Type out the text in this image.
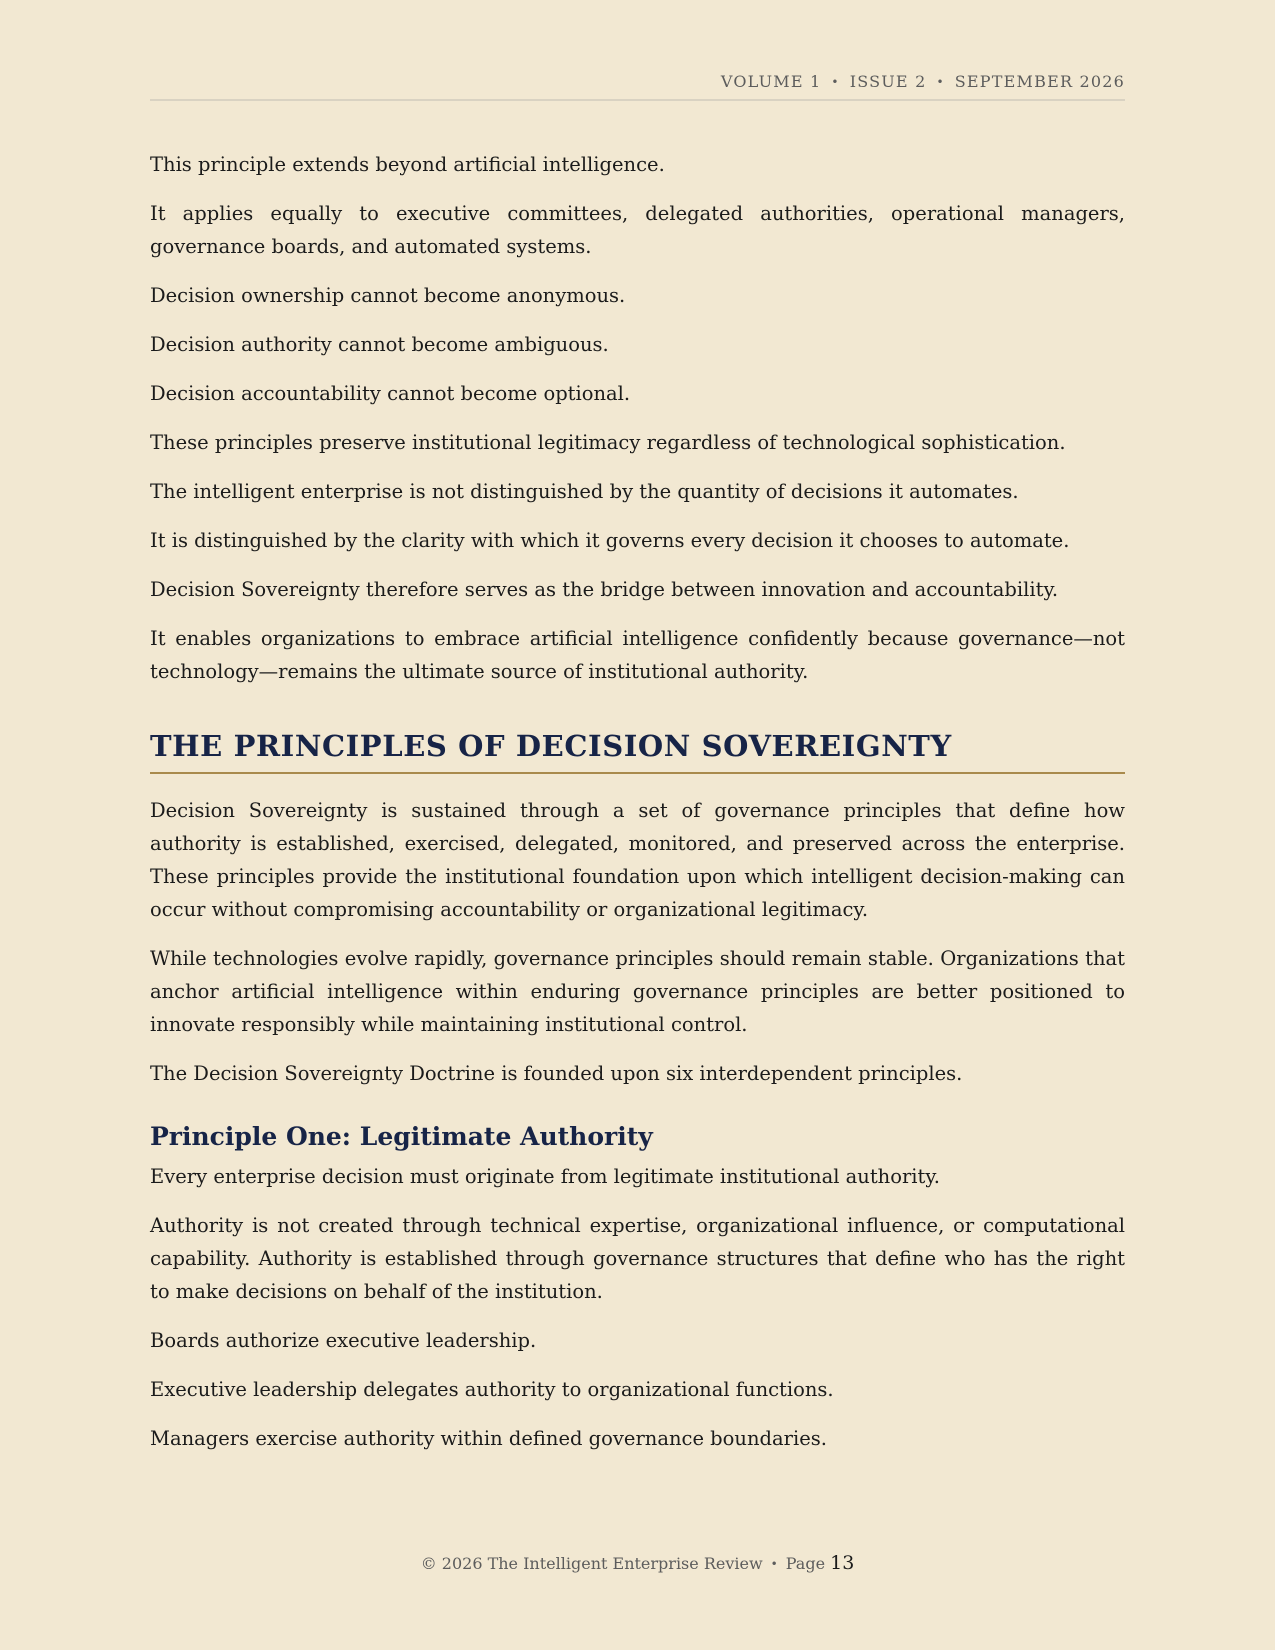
VOLUME 1 • ISSUE 2 • SEPTEMBER 2026

This principle extends beyond artificial intelligence.

It applies equally to executive committees, delegated authorities, operational managers, governance boards, and automated systems.

Decision ownership cannot become anonymous.

Decision authority cannot become ambiguous.

Decision accountability cannot become optional.

These principles preserve institutional legitimacy regardless of technological sophistication.

The intelligent enterprise is not distinguished by the quantity of decisions it automates.

It is distinguished by the clarity with which it governs every decision it chooses to automate.

Decision Sovereignty therefore serves as the bridge between innovation and accountability.

It enables organizations to embrace artificial intelligence confidently because governance—not technology—remains the ultimate source of institutional authority.

THE PRINCIPLES OF DECISION SOVEREIGNTY

Decision Sovereignty is sustained through a set of governance principles that define how authority is established, exercised, delegated, monitored, and preserved across the enterprise. These principles provide the institutional foundation upon which intelligent decision-making can occur without compromising accountability or organizational legitimacy.

While technologies evolve rapidly, governance principles should remain stable. Organizations that anchor artificial intelligence within enduring governance principles are better positioned to innovate responsibly while maintaining institutional control.

The Decision Sovereignty Doctrine is founded upon six interdependent principles.

Principle One: Legitimate Authority

Every enterprise decision must originate from legitimate institutional authority.

Authority is not created through technical expertise, organizational influence, or computational capability. Authority is established through governance structures that define who has the right to make decisions on behalf of the institution.

Boards authorize executive leadership.

Executive leadership delegates authority to organizational functions.

Managers exercise authority within defined governance boundaries.

© 2026 The Intelligent Enterprise Review • Page 13
